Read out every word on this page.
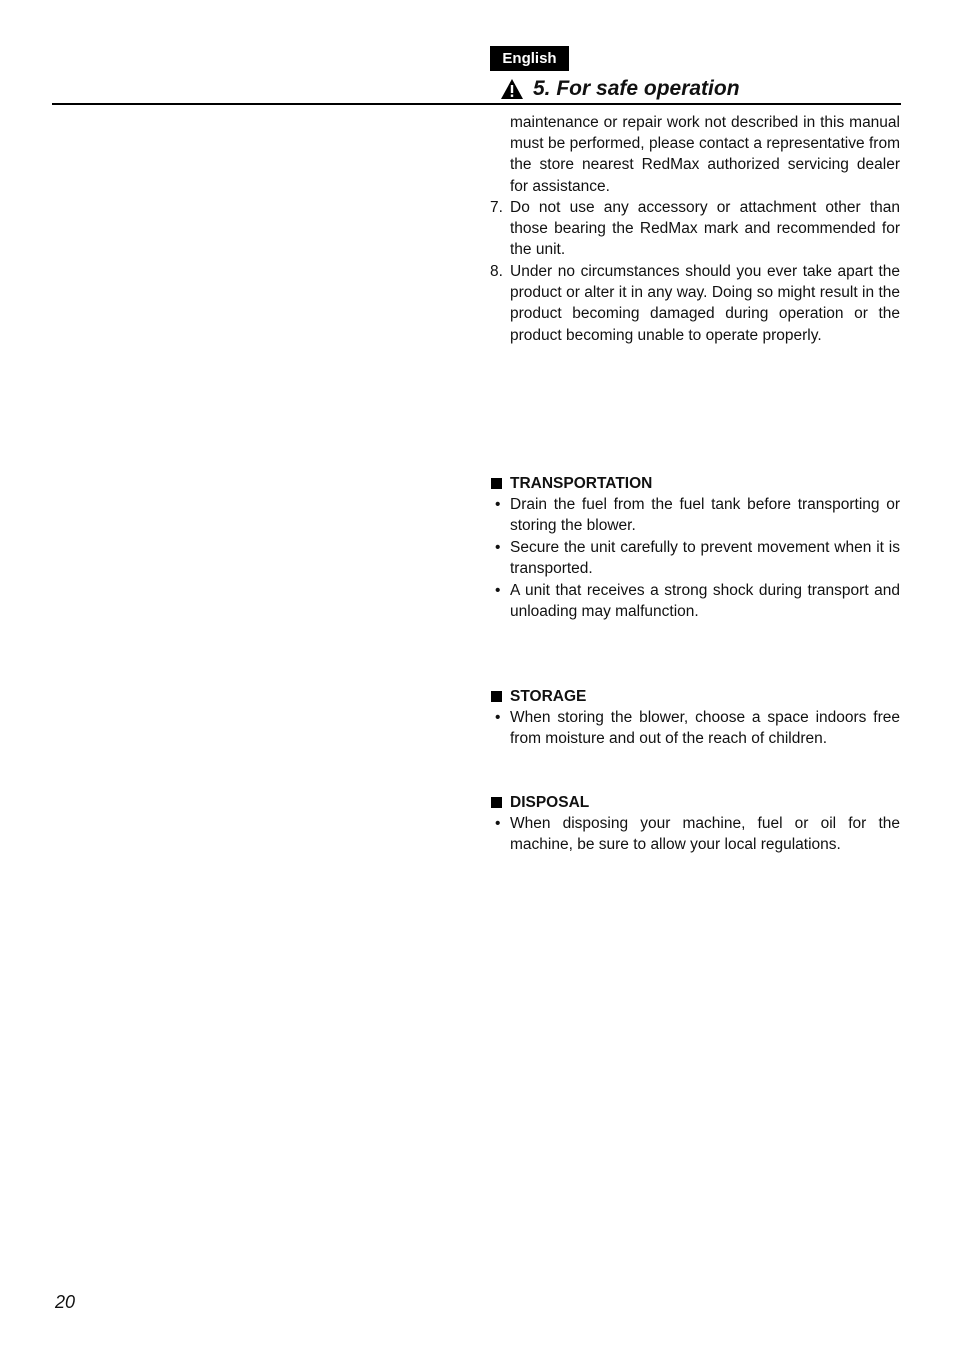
English
5. For safe operation
maintenance or repair work not described in this manual must be performed, please contact a representative from the store nearest RedMax authorized servicing dealer for assistance.
7. Do not use any accessory or attachment other than those bearing the RedMax mark and recommended for the unit.
8. Under no circumstances should you ever take apart the product or alter it in any way. Doing so might result in the product becoming damaged during operation or the product becoming unable to operate properly.
TRANSPORTATION
• Drain the fuel from the fuel tank before transporting or storing the blower.
• Secure the unit carefully to prevent movement when it is transported.
• A unit that receives a strong shock during transport and unloading may malfunction.
STORAGE
• When storing the blower, choose a space indoors free from moisture and out of the reach of children.
DISPOSAL
• When disposing your machine, fuel or oil for the machine, be sure to allow your local regulations.
20
